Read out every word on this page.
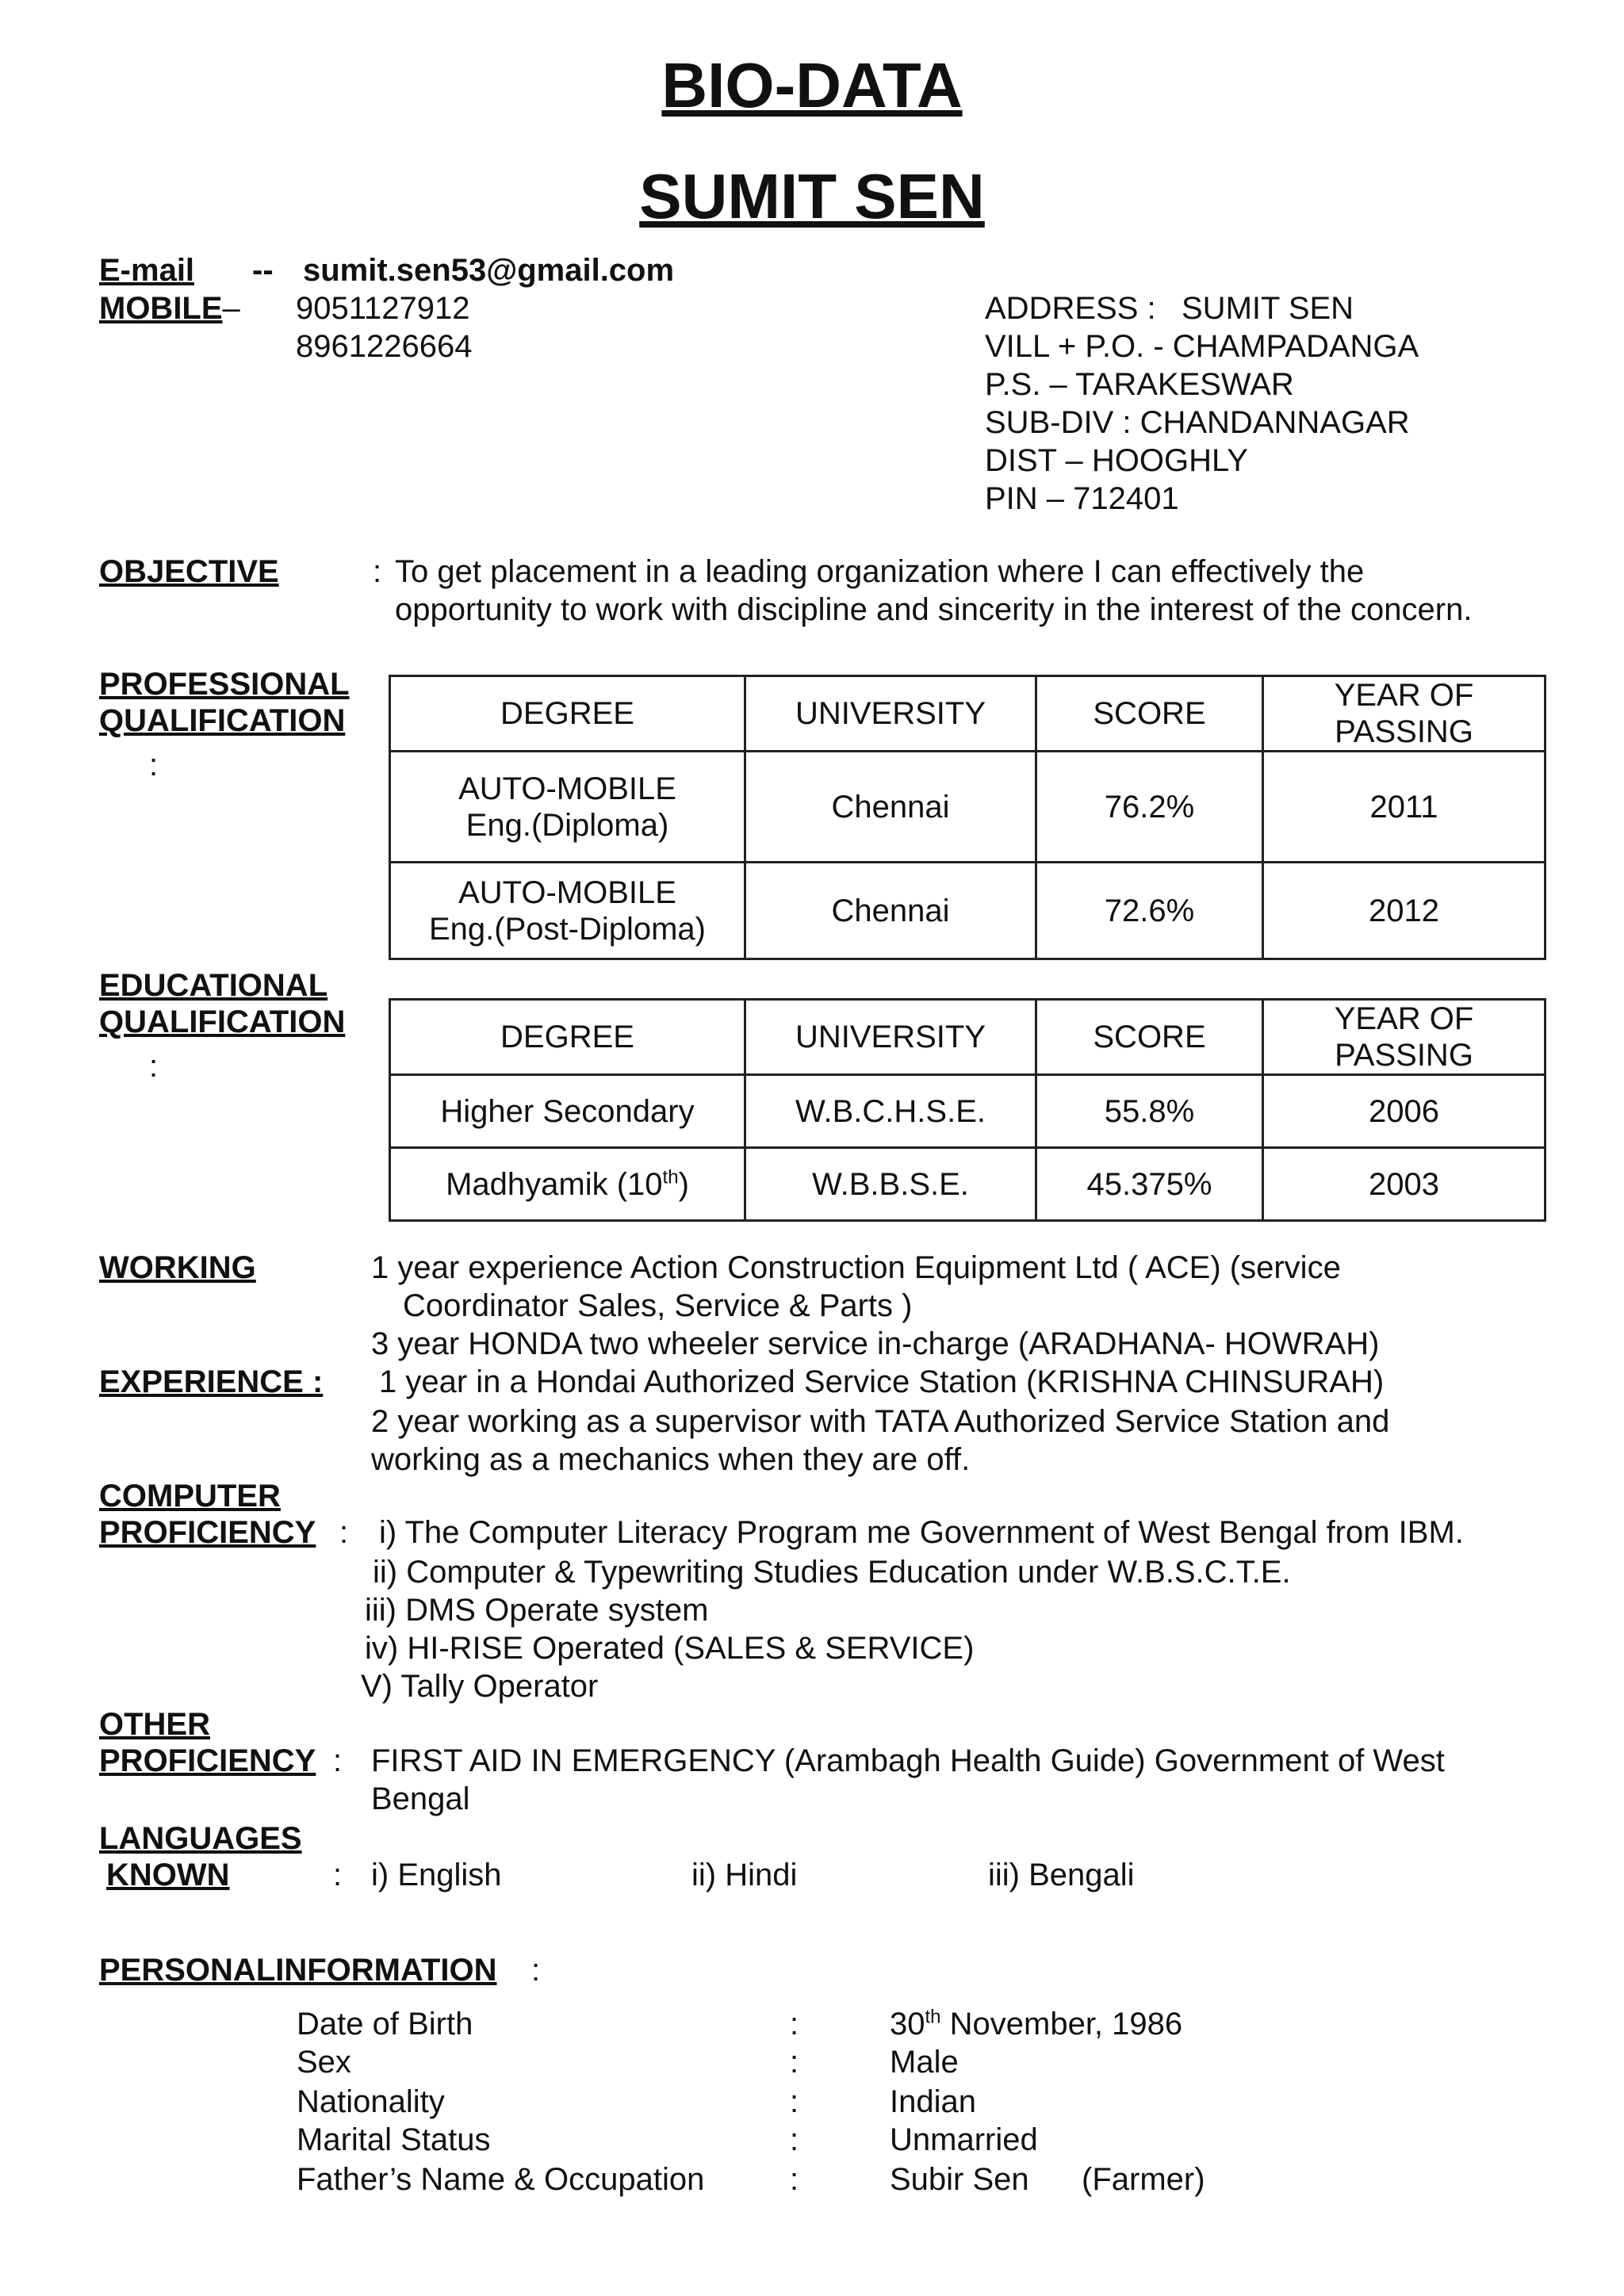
BIO-DATA
SUMIT SEN
E-mail -- sumit.sen53@gmail.com
MOBILE– 9051127912
8961226664
ADDRESS : SUMIT SEN
VILL + P.O. - CHAMPADANGA
P.S. – TARAKESWAR
SUB-DIV : CHANDANNAGAR
DIST – HOOGHLY
PIN – 712401
OBJECTIVE	: To get placement in a leading organization where I can effectively the
opportunity to work with discipline and sincerity in the interest of the concern.
PROFESSIONAL
QUALIFICATION
:
DEGREE	UNIVERSITY	SCORE	YEAR OF PASSING
AUTO-MOBILE
Eng.(Diploma)	Chennai	76.2%	2011
AUTO-MOBILE
Eng.(Post-Diploma)	Chennai	72.6%	2012
EDUCATIONAL
QUALIFICATION
:
DEGREE	UNIVERSITY	SCORE	YEAR OF PASSING
Higher Secondary	W.B.C.H.S.E.	55.8%	2006
Madhyamik (10th)	W.B.B.S.E.	45.375%	2003
WORKING
EXPERIENCE :
1 year experience Action Construction Equipment Ltd ( ACE) (service
Coordinator Sales, Service & Parts )
3 year HONDA two wheeler service in-charge (ARADHANA- HOWRAH)
1 year in a Hondai Authorized Service Station (KRISHNA CHINSURAH)
2 year working as a supervisor with TATA Authorized Service Station and
working as a mechanics when they are off.
COMPUTER
PROFICIENCY : i) The Computer Literacy Program me Government of West Bengal from IBM.
ii) Computer & Typewriting Studies Education under W.B.S.C.T.E.
iii) DMS Operate system
iv) HI-RISE Operated (SALES & SERVICE)
V) Tally Operator
OTHER
PROFICIENCY : FIRST AID IN EMERGENCY (Arambagh Health Guide) Government of West
Bengal
LANGUAGES
KNOWN	: i) English	ii) Hindi	iii) Bengali
PERSONALINFORMATION :
Date of Birth	:	30th November, 1986
Sex	:	Male
Nationality	:	Indian
Marital Status	:	Unmarried
Father’s Name & Occupation	:	Subir Sen (Farmer)
